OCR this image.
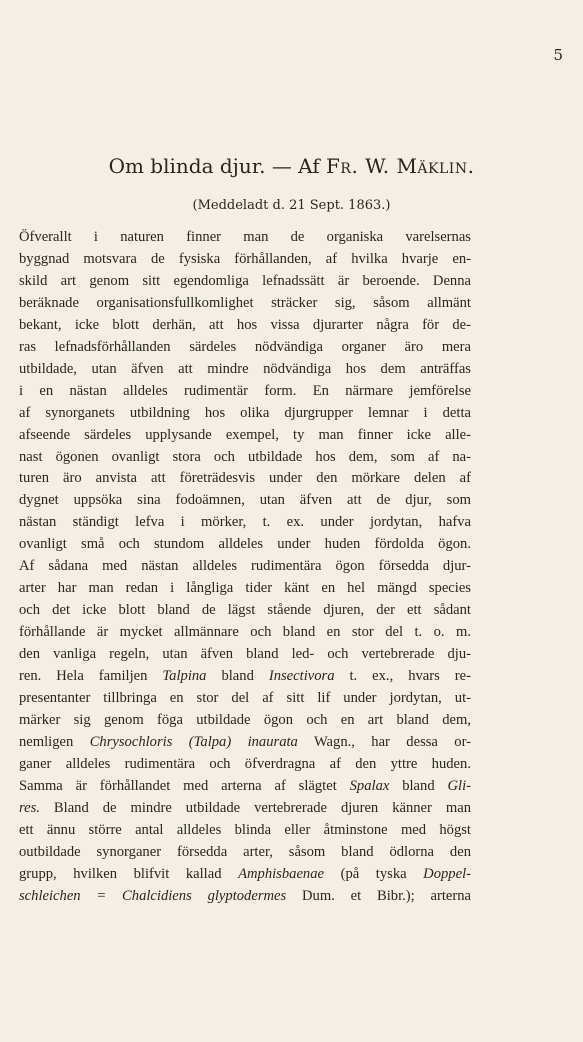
5
Om blinda djur. — Af Fr. W. Mäklin.
(Meddeladt d. 21 Sept. 1863.)
Öfverallt i naturen finner man de organiska varelsernas
byggnad motsvara de fysiska förhållanden, af hvilka hvarje en-
skild art genom sitt egendomliga lefnadssätt är beroende. Denna
beräknade organisationsfullkomlighet sträcker sig, såsom allmänt
bekant, icke blott derhän, att hos vissa djurarter några för de-
ras lefnadsförhållanden särdeles nödvändiga organer äro mera
utbildade, utan äfven att mindre nödvändiga hos dem anträffas
i en nästan alldeles rudimentär form. En närmare jemförelse
af synorganets utbildning hos olika djurgrupper lemnar i detta
afseende särdeles upplysande exempel, ty man finner icke alle-
nast ögonen ovanligt stora och utbildade hos dem, som af na-
turen äro anvista att företrädesvis under den mörkare delen af
dygnet uppsöka sina fodoämnen, utan äfven att de djur, som
nästan ständigt lefva i mörker, t. ex. under jordytan, hafva
ovanligt små och stundom alldeles under huden fördolda ögon.
Af sådana med nästan alldeles rudimentära ögon försedda djur-
arter har man redan i långliga tider känt en hel mängd species
och det icke blott bland de lägst stående djuren, der ett sådant
förhållande är mycket allmännare och bland en stor del t. o. m.
den vanliga regeln, utan äfven bland led- och vertebrerade dju-
ren. Hela familjen Talpina bland Insectivora t. ex., hvars re-
presentanter tillbringa en stor del af sitt lif under jordytan, ut-
märker sig genom föga utbildade ögon och en art bland dem,
nemligen Chrysochloris (Talpa) inaurata Wagn., har dessa or-
ganer alldeles rudimentära och öfverdragna af den yttre huden.
Samma är förhållandet med arterna af slägtet Spalax bland Gli-
res. Bland de mindre utbildade vertebrerade djuren känner man
ett ännu större antal alldeles blinda eller åtminstone med högst
outbildade synorganer försedda arter, såsom bland ödlorna den
grupp, hvilken blifvit kallad Amphisbaenae (på tyska Doppel-
schleichen = Chalcidiens glyptodermes Dum. et Bibr.); arterna
